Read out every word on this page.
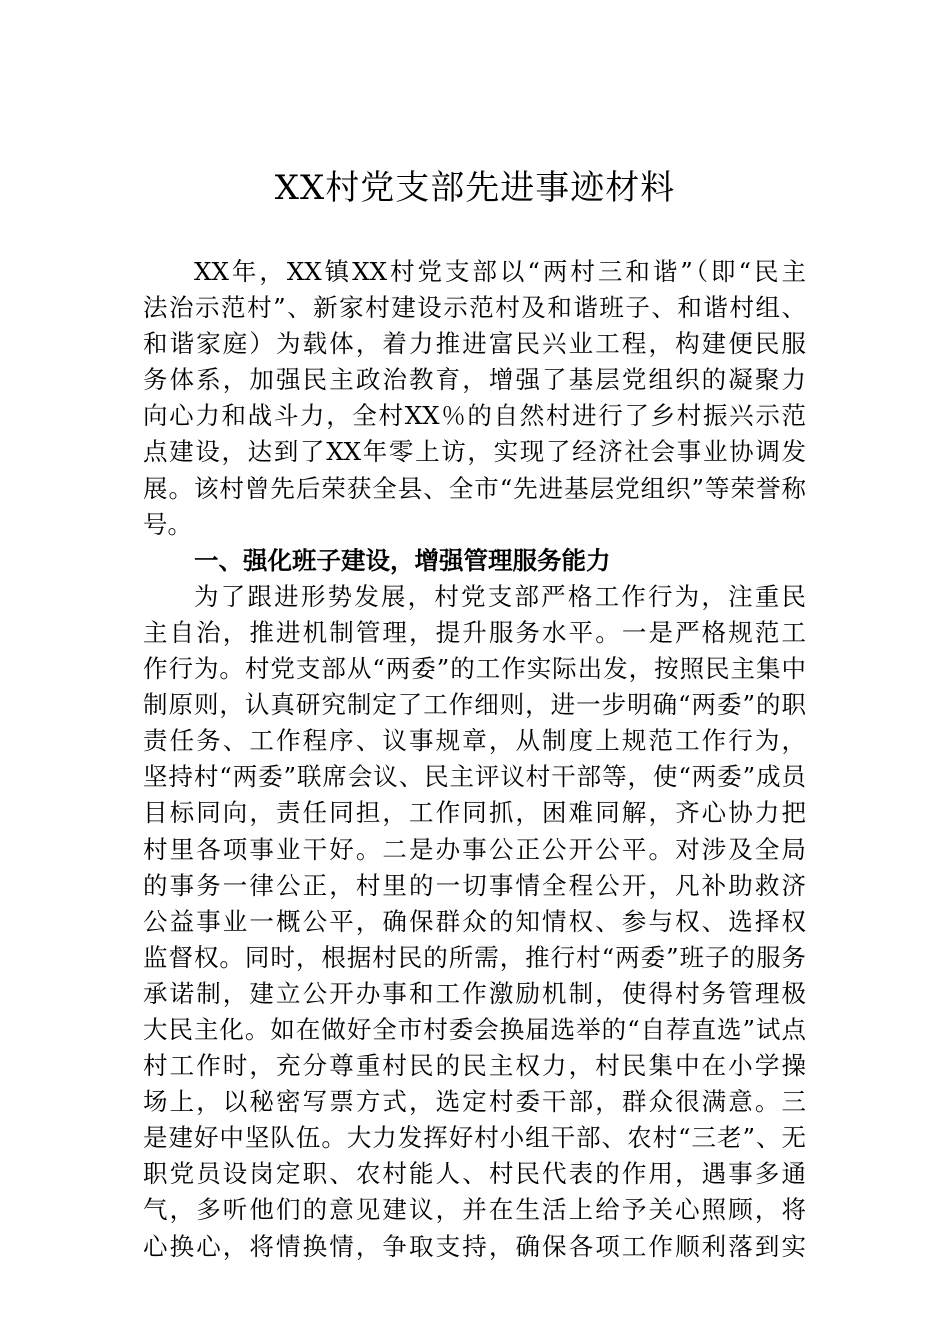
XX村党支部先进事迹材料
XX年，XX镇XX村党支部以“两村三和谐”（即“民主
法治示范村”、新家村建设示范村及和谐班子、和谐村组、
和谐家庭）为载体，着力推进富民兴业工程，构建便民服
务体系，加强民主政治教育，增强了基层党组织的凝聚力
向心力和战斗力，全村XX％的自然村进行了乡村振兴示范
点建设，达到了XX年零上访，实现了经济社会事业协调发
展。该村曾先后荣获全县、全市“先进基层党组织”等荣誉称
号。
一、强化班子建设，增强管理服务能力
为了跟进形势发展，村党支部严格工作行为，注重民
主自治，推进机制管理，提升服务水平。一是严格规范工
作行为。村党支部从“两委”的工作实际出发，按照民主集中
制原则，认真研究制定了工作细则，进一步明确“两委”的职
责任务、工作程序、议事规章，从制度上规范工作行为，
坚持村“两委”联席会议、民主评议村干部等，使“两委”成员
目标同向，责任同担，工作同抓，困难同解，齐心协力把
村里各项事业干好。二是办事公正公开公平。对涉及全局
的事务一律公正，村里的一切事情全程公开，凡补助救济
公益事业一概公平，确保群众的知情权、参与权、选择权
监督权。同时，根据村民的所需，推行村“两委”班子的服务
承诺制，建立公开办事和工作激励机制，使得村务管理极
大民主化。如在做好全市村委会换届选举的“自荐直选”试点
村工作时，充分尊重村民的民主权力，村民集中在小学操
场上，以秘密写票方式，选定村委干部，群众很满意。三
是建好中坚队伍。大力发挥好村小组干部、农村“三老”、无
职党员设岗定职、农村能人、村民代表的作用，遇事多通
气，多听他们的意见建议，并在生活上给予关心照顾，将
心换心，将情换情，争取支持，确保各项工作顺利落到实
